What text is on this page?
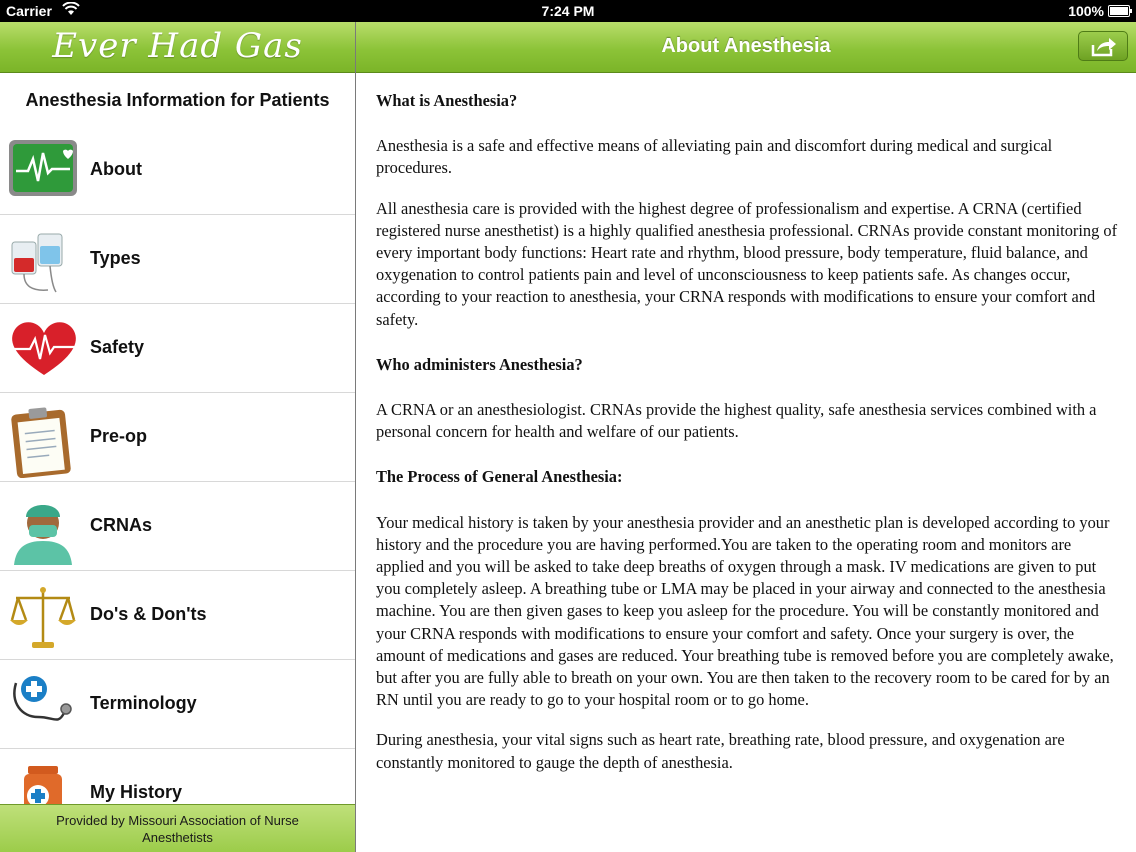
Carrier	7:24 PM	100%
Ever Had Gas
Anesthesia Information for Patients
About
Types
Safety
Pre-op
CRNAs
Do's & Don'ts
Terminology
My History
Provided by Missouri Association of Nurse Anesthetists
About Anesthesia
What is Anesthesia?

Anesthesia is a safe and effective means of alleviating pain and discomfort during medical and surgical procedures.

All anesthesia care is provided with the highest degree of professionalism and expertise. A CRNA (certified registered nurse anesthetist) is a highly qualified anesthesia professional. CRNAs provide constant monitoring of every important body functions: Heart rate and rhythm, blood pressure, body temperature, fluid balance, and oxygenation to control patients pain and level of unconsciousness to keep patients safe. As changes occur, according to your reaction to anesthesia, your CRNA responds with modifications to ensure your comfort and safety.

Who administers Anesthesia?

A CRNA or an anesthesiologist. CRNAs provide the highest quality, safe anesthesia services combined with a personal concern for health and welfare of our patients.

The Process of General Anesthesia:

Your medical history is taken by your anesthesia provider and an anesthetic plan is developed according to your history and the procedure you are having performed.You are taken to the operating room and monitors are applied and you will be asked to take deep breaths of oxygen through a mask. IV medications are given to put you completely asleep. A breathing tube or LMA may be placed in your airway and connected to the anesthesia machine. You are then given gases to keep you asleep for the procedure. You will be constantly monitored and your CRNA responds with modifications to ensure your comfort and safety. Once your surgery is over, the amount of medications and gases are reduced. Your breathing tube is removed before you are completely awake, but after you are fully able to breath on your own. You are then taken to the recovery room to be cared for by an RN until you are ready to go to your hospital room or to go home.

During anesthesia, your vital signs such as heart rate, breathing rate, blood pressure, and oxygenation are constantly monitored to gauge the depth of anesthesia.
